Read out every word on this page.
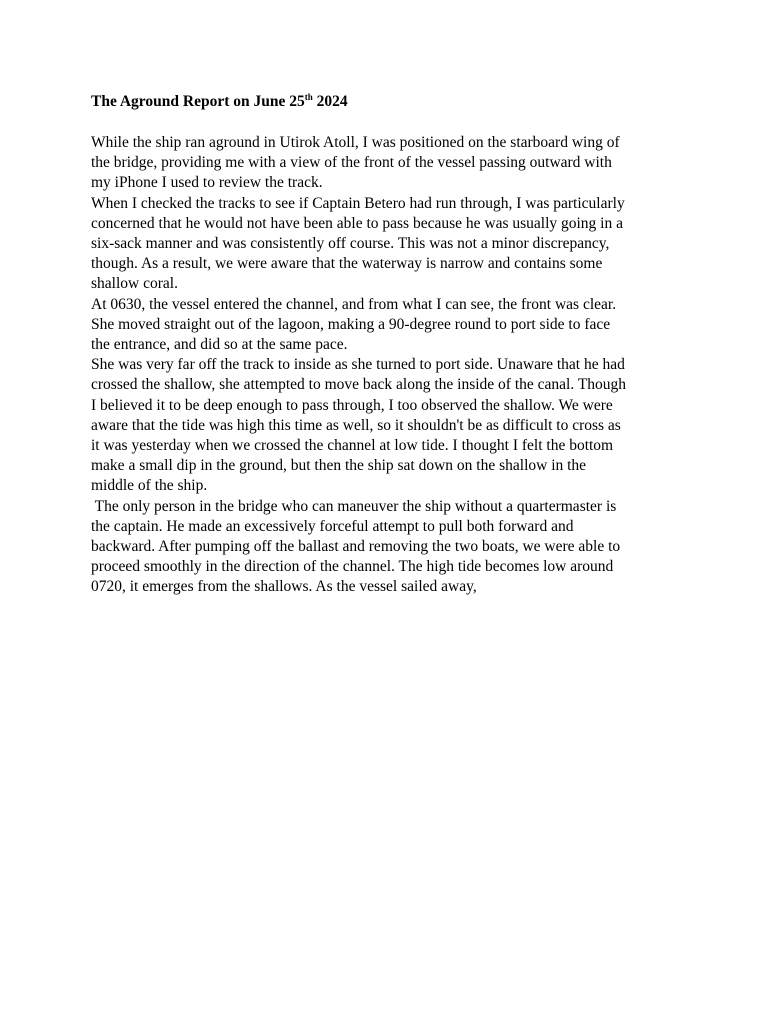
The Aground Report on June 25th 2024
While the ship ran aground in Utirok Atoll, I was positioned on the starboard wing of
the bridge, providing me with a view of the front of the vessel passing outward with
my iPhone I used to review the track.
When I checked the tracks to see if Captain Betero had run through, I was particularly
concerned that he would not have been able to pass because he was usually going in a
six-sack manner and was consistently off course. This was not a minor discrepancy,
though. As a result, we were aware that the waterway is narrow and contains some
shallow coral.
At 0630, the vessel entered the channel, and from what I can see, the front was clear.
She moved straight out of the lagoon, making a 90-degree round to port side to face
the entrance, and did so at the same pace.
She was very far off the track to inside as she turned to port side. Unaware that he had
crossed the shallow, she attempted to move back along the inside of the canal. Though
I believed it to be deep enough to pass through, I too observed the shallow. We were
aware that the tide was high this time as well, so it shouldn't be as difficult to cross as
it was yesterday when we crossed the channel at low tide. I thought I felt the bottom
make a small dip in the ground, but then the ship sat down on the shallow in the
middle of the ship.
The only person in the bridge who can maneuver the ship without a quartermaster is
the captain. He made an excessively forceful attempt to pull both forward and
backward. After pumping off the ballast and removing the two boats, we were able to
proceed smoothly in the direction of the channel. The high tide becomes low around
0720, it emerges from the shallows. As the vessel sailed away,
